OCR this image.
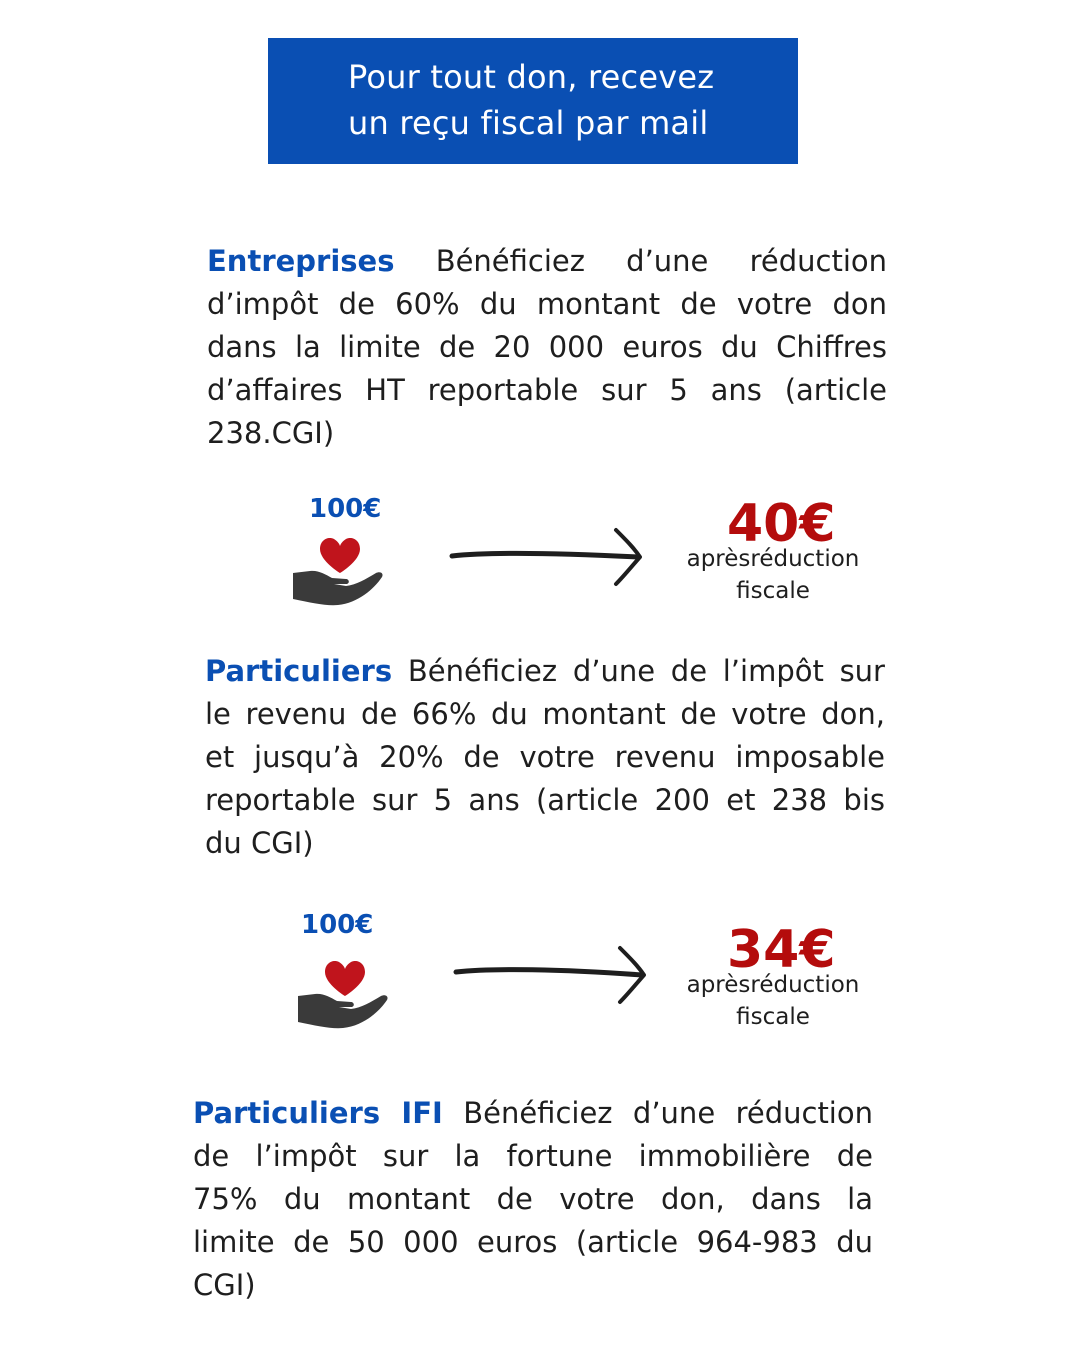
Pour tout don, recevez
un reçu fiscal par mail
Entreprises Bénéficiez d’une réduction
d’impôt de 60% du montant de votre don
dans la limite de 20 000 euros du Chiffres
d’affaires HT reportable sur 5 ans (article
238.CGI)
100€	40€
aprèsréduction
fiscale
Particuliers Bénéficiez d’une de l’impôt sur
le revenu de 66% du montant de votre don,
et jusqu’à 20% de votre revenu imposable
reportable sur 5 ans (article 200 et 238 bis
du CGI)
100€	34€
aprèsréduction
fiscale
Particuliers IFI Bénéficiez d’une réduction
de l’impôt sur la fortune immobilière de
75% du montant de votre don, dans la
limite de 50 000 euros (article 964-983 du
CGI)
